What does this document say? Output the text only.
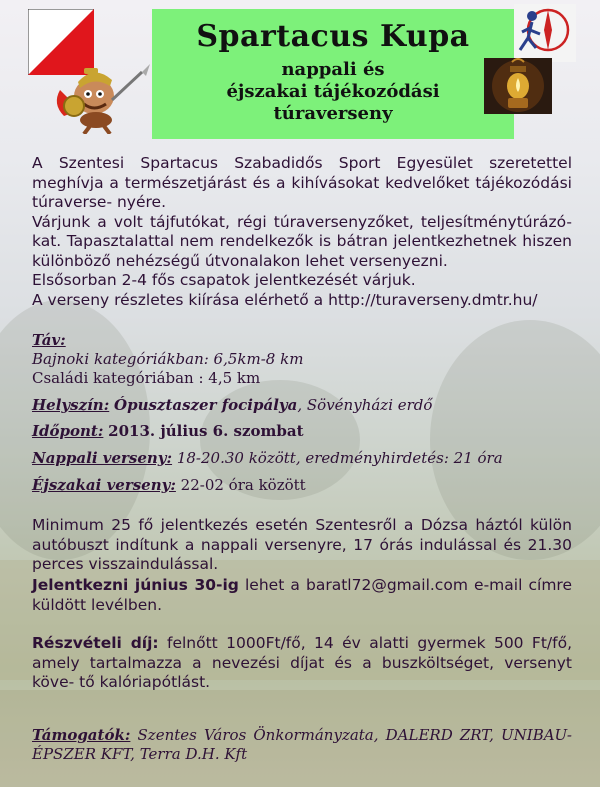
Spartacus Kupa
nappali és
éjszakai tájékozódási
túraverseny

A Szentesi Spartacus Szabadidős Sport Egyesület szeretettel meghívja a természetjárást és a kihívásokat kedvelőket tájékozódási túraverse- nyére.

Várjunk a volt tájfutókat, régi túraversenyzőket, teljesítménytúrázó- kat. Tapasztalattal nem rendelkezők is bátran jelentkezhetnek hiszen különböző nehézségű útvonalakon lehet versenyezni.

Elsősorban 2-4 fős csapatok jelentkezését várjuk.

A verseny részletes kiírása elérhető a http://turaverseny.dmtr.hu/

Táv:
Bajnoki kategóriákban: 6,5km-8 km
Családi kategóriában : 4,5 km
Helyszín: Ópusztaszer focipálya, Sövényházi erdő
Időpont: 2013. július 6. szombat
Nappali verseny: 18-20.30 között, eredményhirdetés: 21 óra
Éjszakai verseny: 22-02 óra között
Minimum 25 fő jelentkezés esetén Szentesről a Dózsa háztól külön autóbuszt indítunk a nappali versenyre, 17 órás indulással és 21.30 perces visszaindulással.
Jelentkezni június 30-ig lehet a baratl72@gmail.com e-mail címre küldött levélben.
Részvételi díj: felnőtt 1000Ft/fő, 14 év alatti gyermek 500 Ft/fő, amely tartalmazza a nevezési díjat és a buszköltséget, versenyt köve- tő kalóriapótlást.
Támogatók: Szentes Város Önkormányzata, DALERD ZRT, UNIBAU- ÉPSZER KFT, Terra D.H. Kft
